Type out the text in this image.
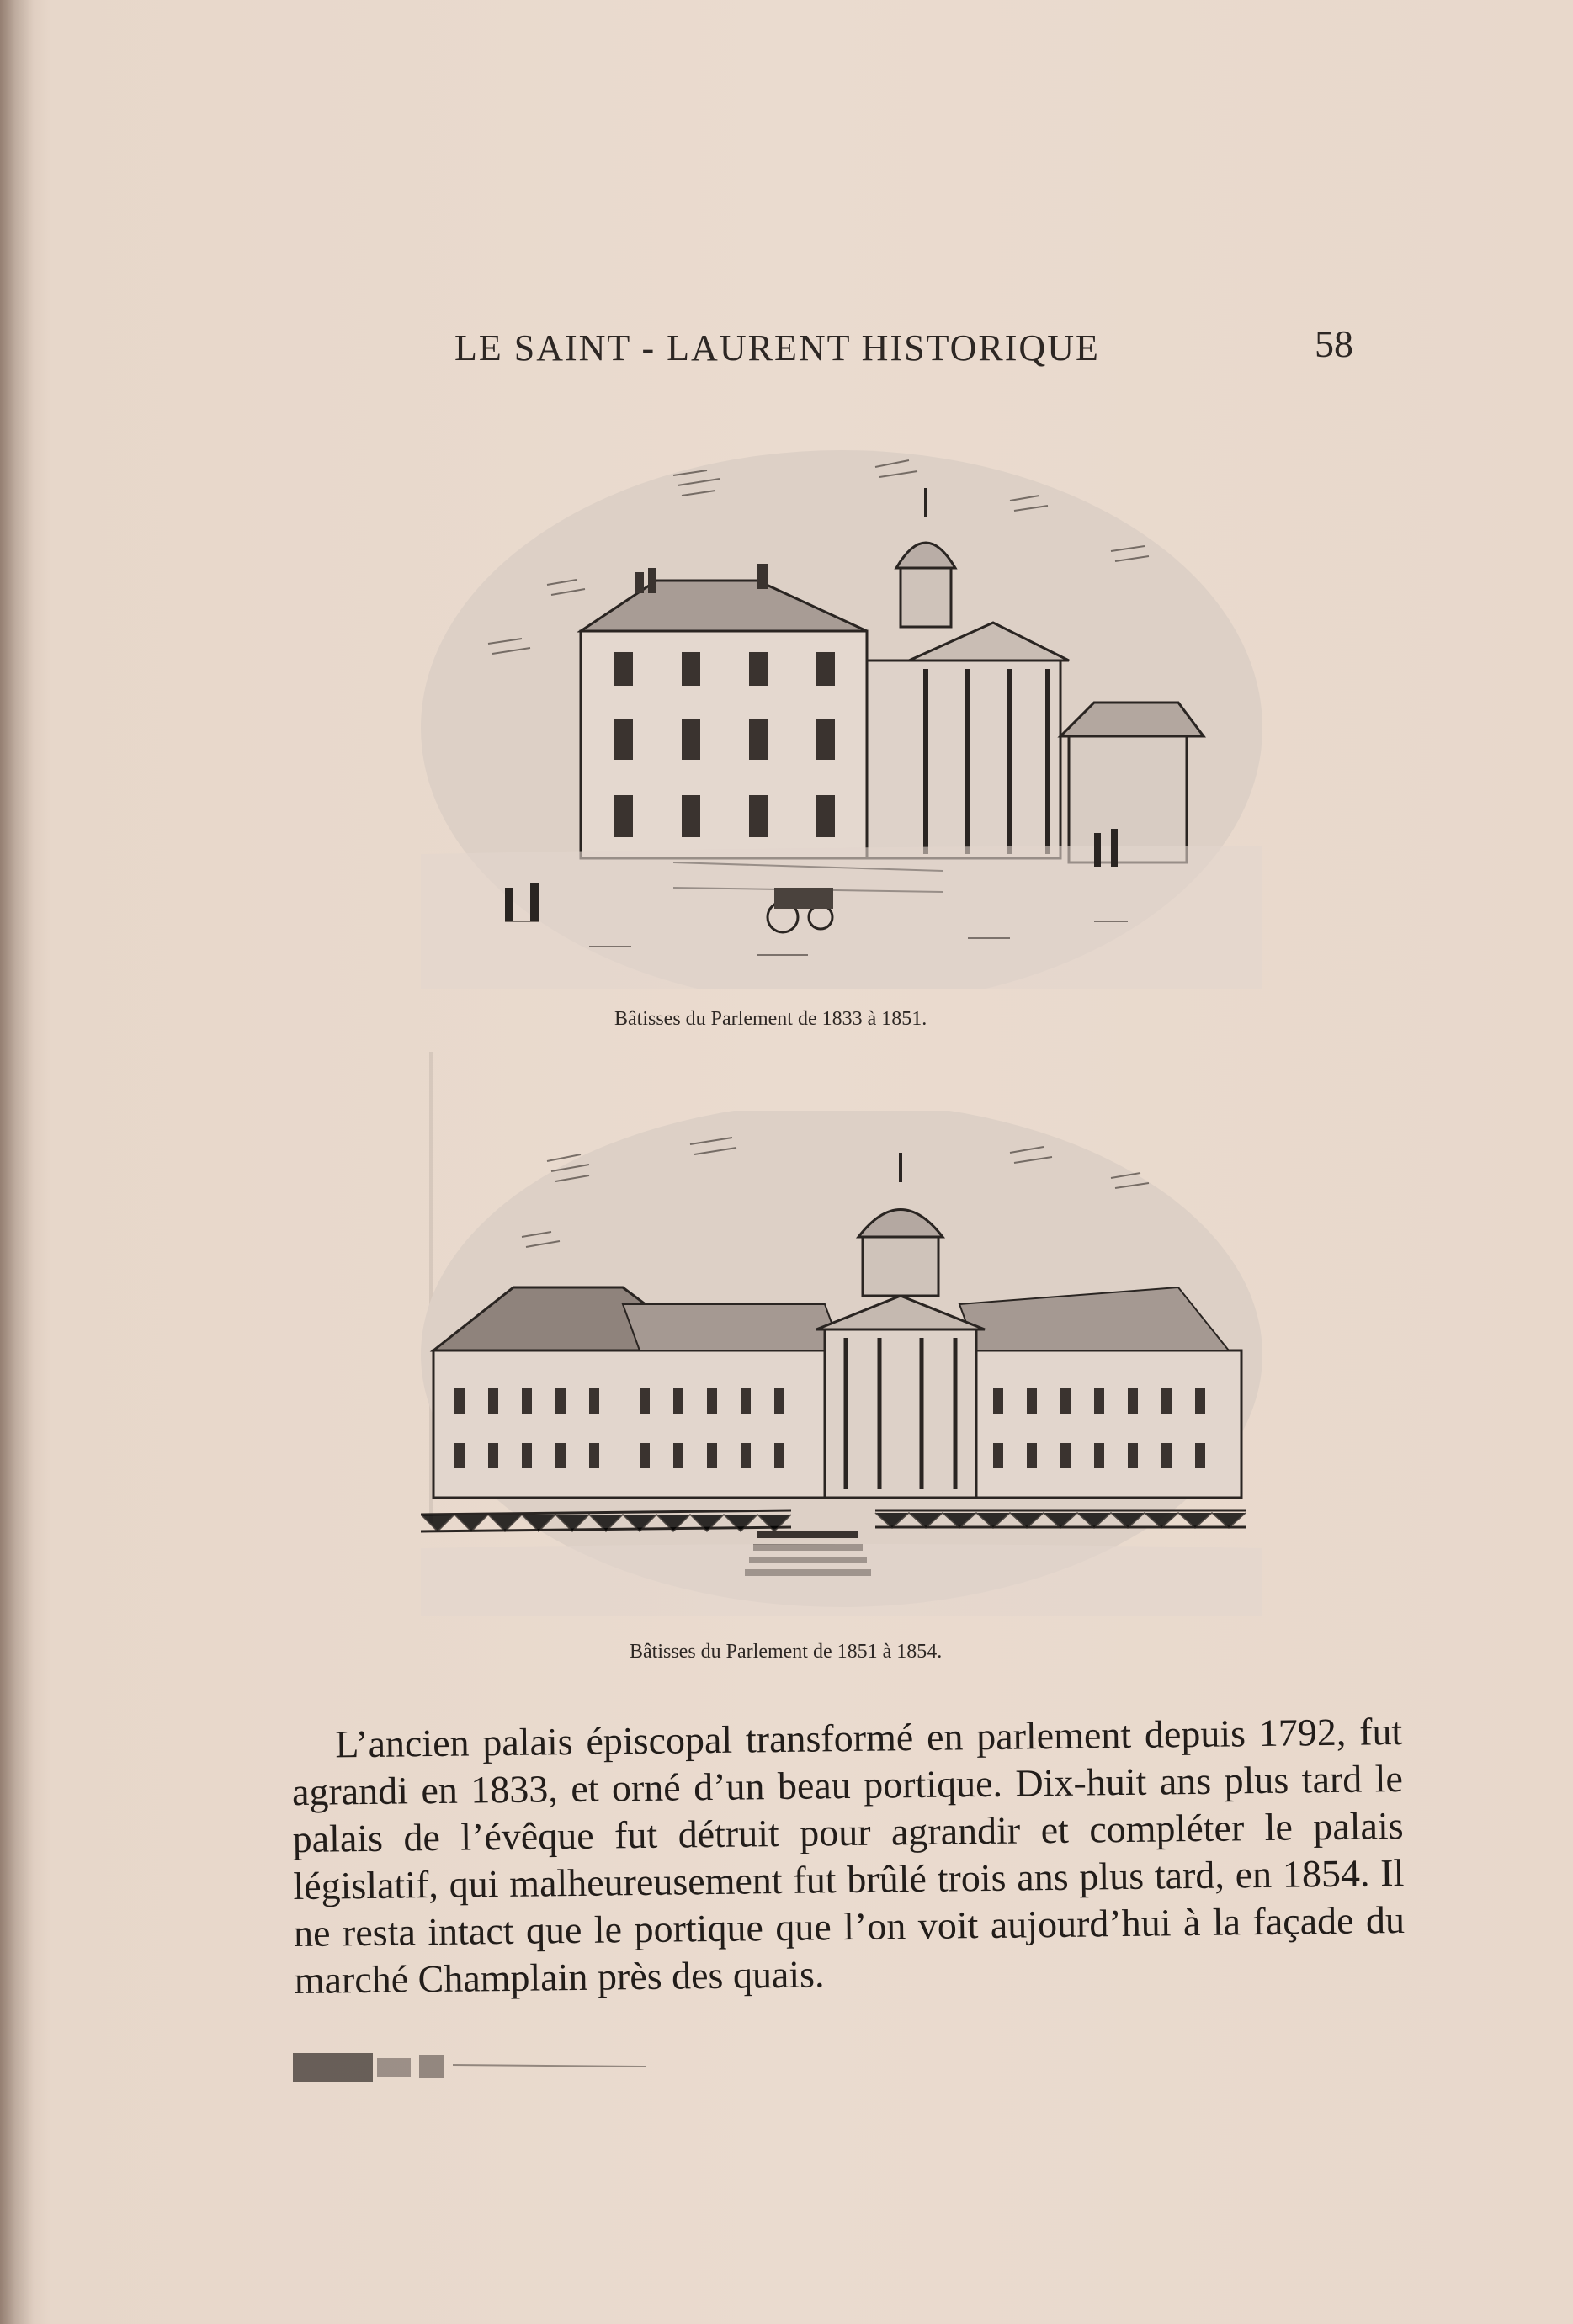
LE SAINT - LAURENT HISTORIQUE	58
Bâtisses du Parlement de 1833 à 1851.
Bâtisses du Parlement de 1851 à 1854.

L’ancien palais épiscopal transformé en parlement depuis 1792, fut agrandi en 1833, et orné d’un beau portique. Dix-huit ans plus tard le palais de l’évêque fut détruit pour agrandir et compléter le palais législatif, qui malheureusement fut brûlé trois ans plus tard, en 1854. Il ne resta intact que le portique que l’on voit aujourd’hui à la façade du marché Champlain près des quais.
